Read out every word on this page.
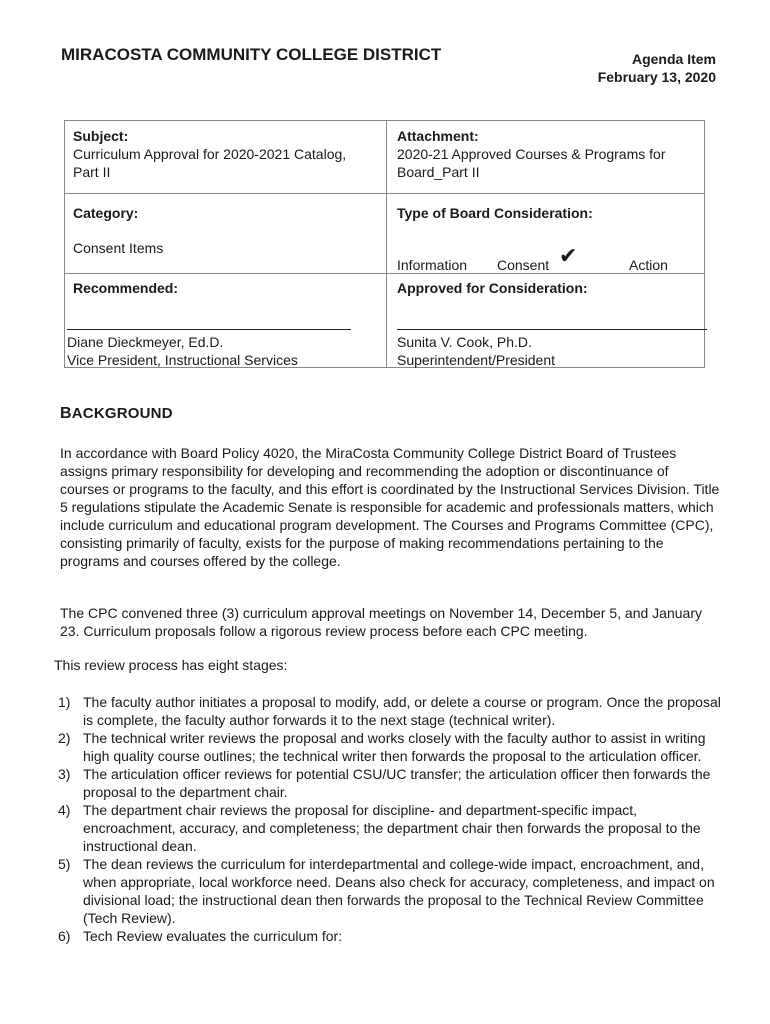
MIRACOSTA COMMUNITY COLLEGE DISTRICT	Agenda Item
February 13, 2020
Subject:
Curriculum Approval for 2020-2021 Catalog,
Part II
Attachment:
2020-21 Approved Courses & Programs for
Board_Part II
Category:
Consent Items
Type of Board Consideration:
Information Consent ✔	Action
Recommended:
Diane Dieckmeyer, Ed.D.
Vice President, Instructional Services
Approved for Consideration:
Sunita V. Cook, Ph.D.
Superintendent/President
BACKGROUND

In accordance with Board Policy 4020, the MiraCosta Community College District Board of Trustees assigns primary responsibility for developing and recommending the adoption or discontinuance of courses or programs to the faculty, and this effort is coordinated by the Instructional Services Division. Title 5 regulations stipulate the Academic Senate is responsible for academic and professionals matters, which include curriculum and educational program development. The Courses and Programs Committee (CPC), consisting primarily of faculty, exists for the purpose of making recommendations pertaining to the programs and courses offered by the college.

The CPC convened three (3) curriculum approval meetings on November 14, December 5, and January 23. Curriculum proposals follow a rigorous review process before each CPC meeting.

This review process has eight stages:

1) The faculty author initiates a proposal to modify, add, or delete a course or program. Once the proposal is complete, the faculty author forwards it to the next stage (technical writer).
2) The technical writer reviews the proposal and works closely with the faculty author to assist in writing high quality course outlines; the technical writer then forwards the proposal to the articulation officer.
3) The articulation officer reviews for potential CSU/UC transfer; the articulation officer then forwards the proposal to the department chair.
4) The department chair reviews the proposal for discipline- and department-specific impact, encroachment, accuracy, and completeness; the department chair then forwards the proposal to the instructional dean.
5) The dean reviews the curriculum for interdepartmental and college-wide impact, encroachment, and, when appropriate, local workforce need. Deans also check for accuracy, completeness, and impact on divisional load; the instructional dean then forwards the proposal to the Technical Review Committee (Tech Review).
6) Tech Review evaluates the curriculum for:
